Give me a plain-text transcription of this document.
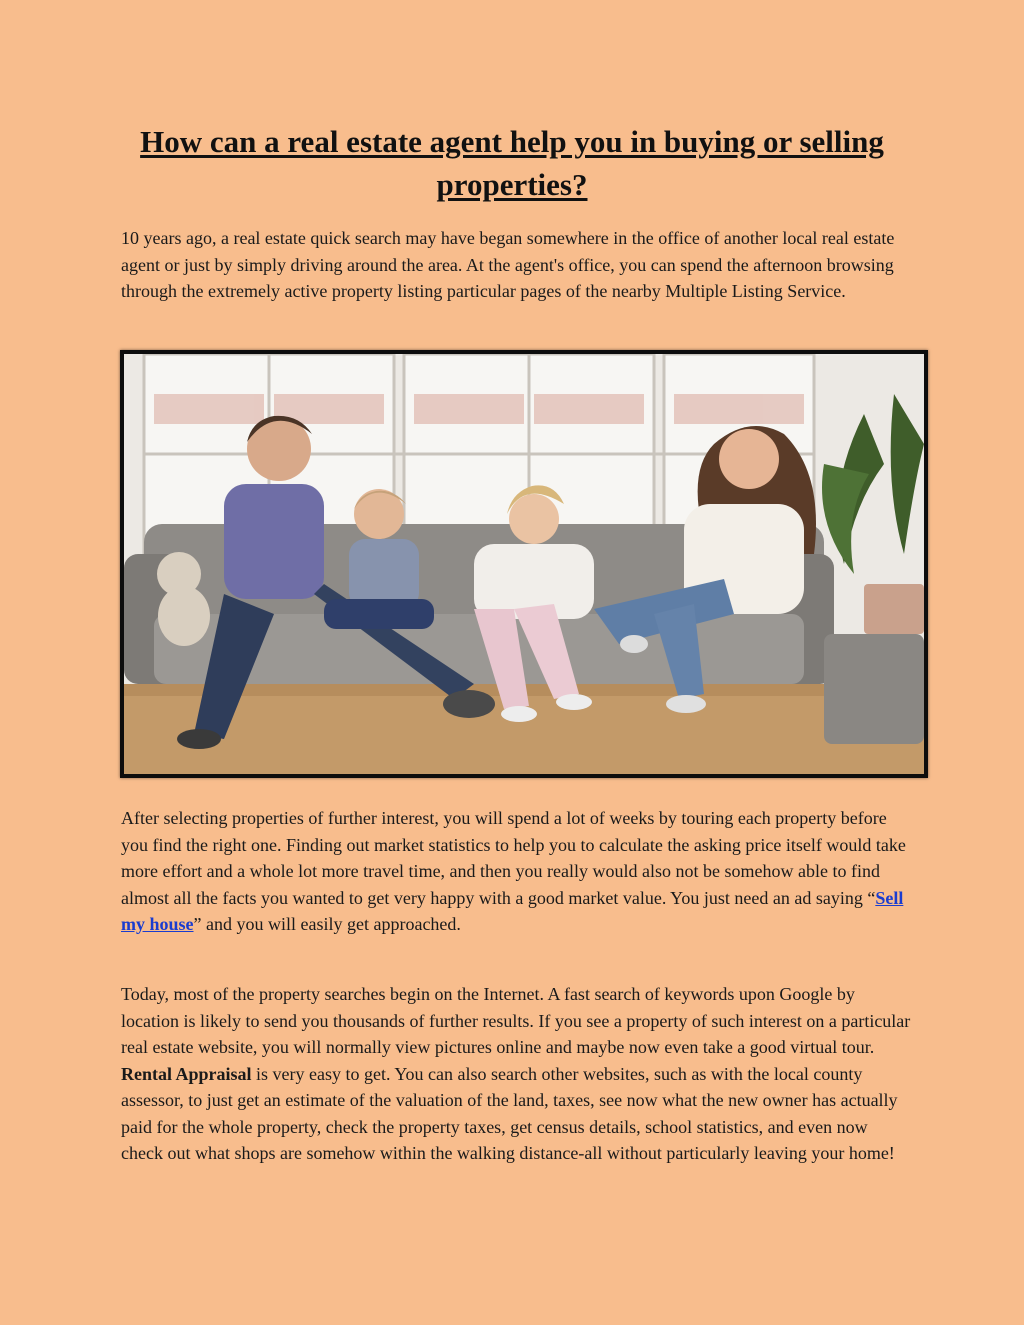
How can a real estate agent help you in buying or selling properties?

10 years ago, a real estate quick search may have began somewhere in the office of another local real estate agent or just by simply driving around the area. At the agent's office, you can spend the afternoon browsing through the extremely active property listing particular pages of the nearby Multiple Listing Service.

After selecting properties of further interest, you will spend a lot of weeks by touring each property before you find the right one. Finding out market statistics to help you to calculate the asking price itself would take more effort and a whole lot more travel time, and then you really would also not be somehow able to find almost all the facts you wanted to get very happy with a good market value. You just need an ad saying “Sell my house” and you will easily get approached.

Today, most of the property searches begin on the Internet. A fast search of keywords upon Google by location is likely to send you thousands of further results. If you see a property of such interest on a particular real estate website, you will normally view pictures online and maybe now even take a good virtual tour. Rental Appraisal is very easy to get. You can also search other websites, such as with the local county assessor, to just get an estimate of the valuation of the land, taxes, see now what the new owner has actually paid for the whole property, check the property taxes, get census details, school statistics, and even now check out what shops are somehow within the walking distance-all without particularly leaving your home!
